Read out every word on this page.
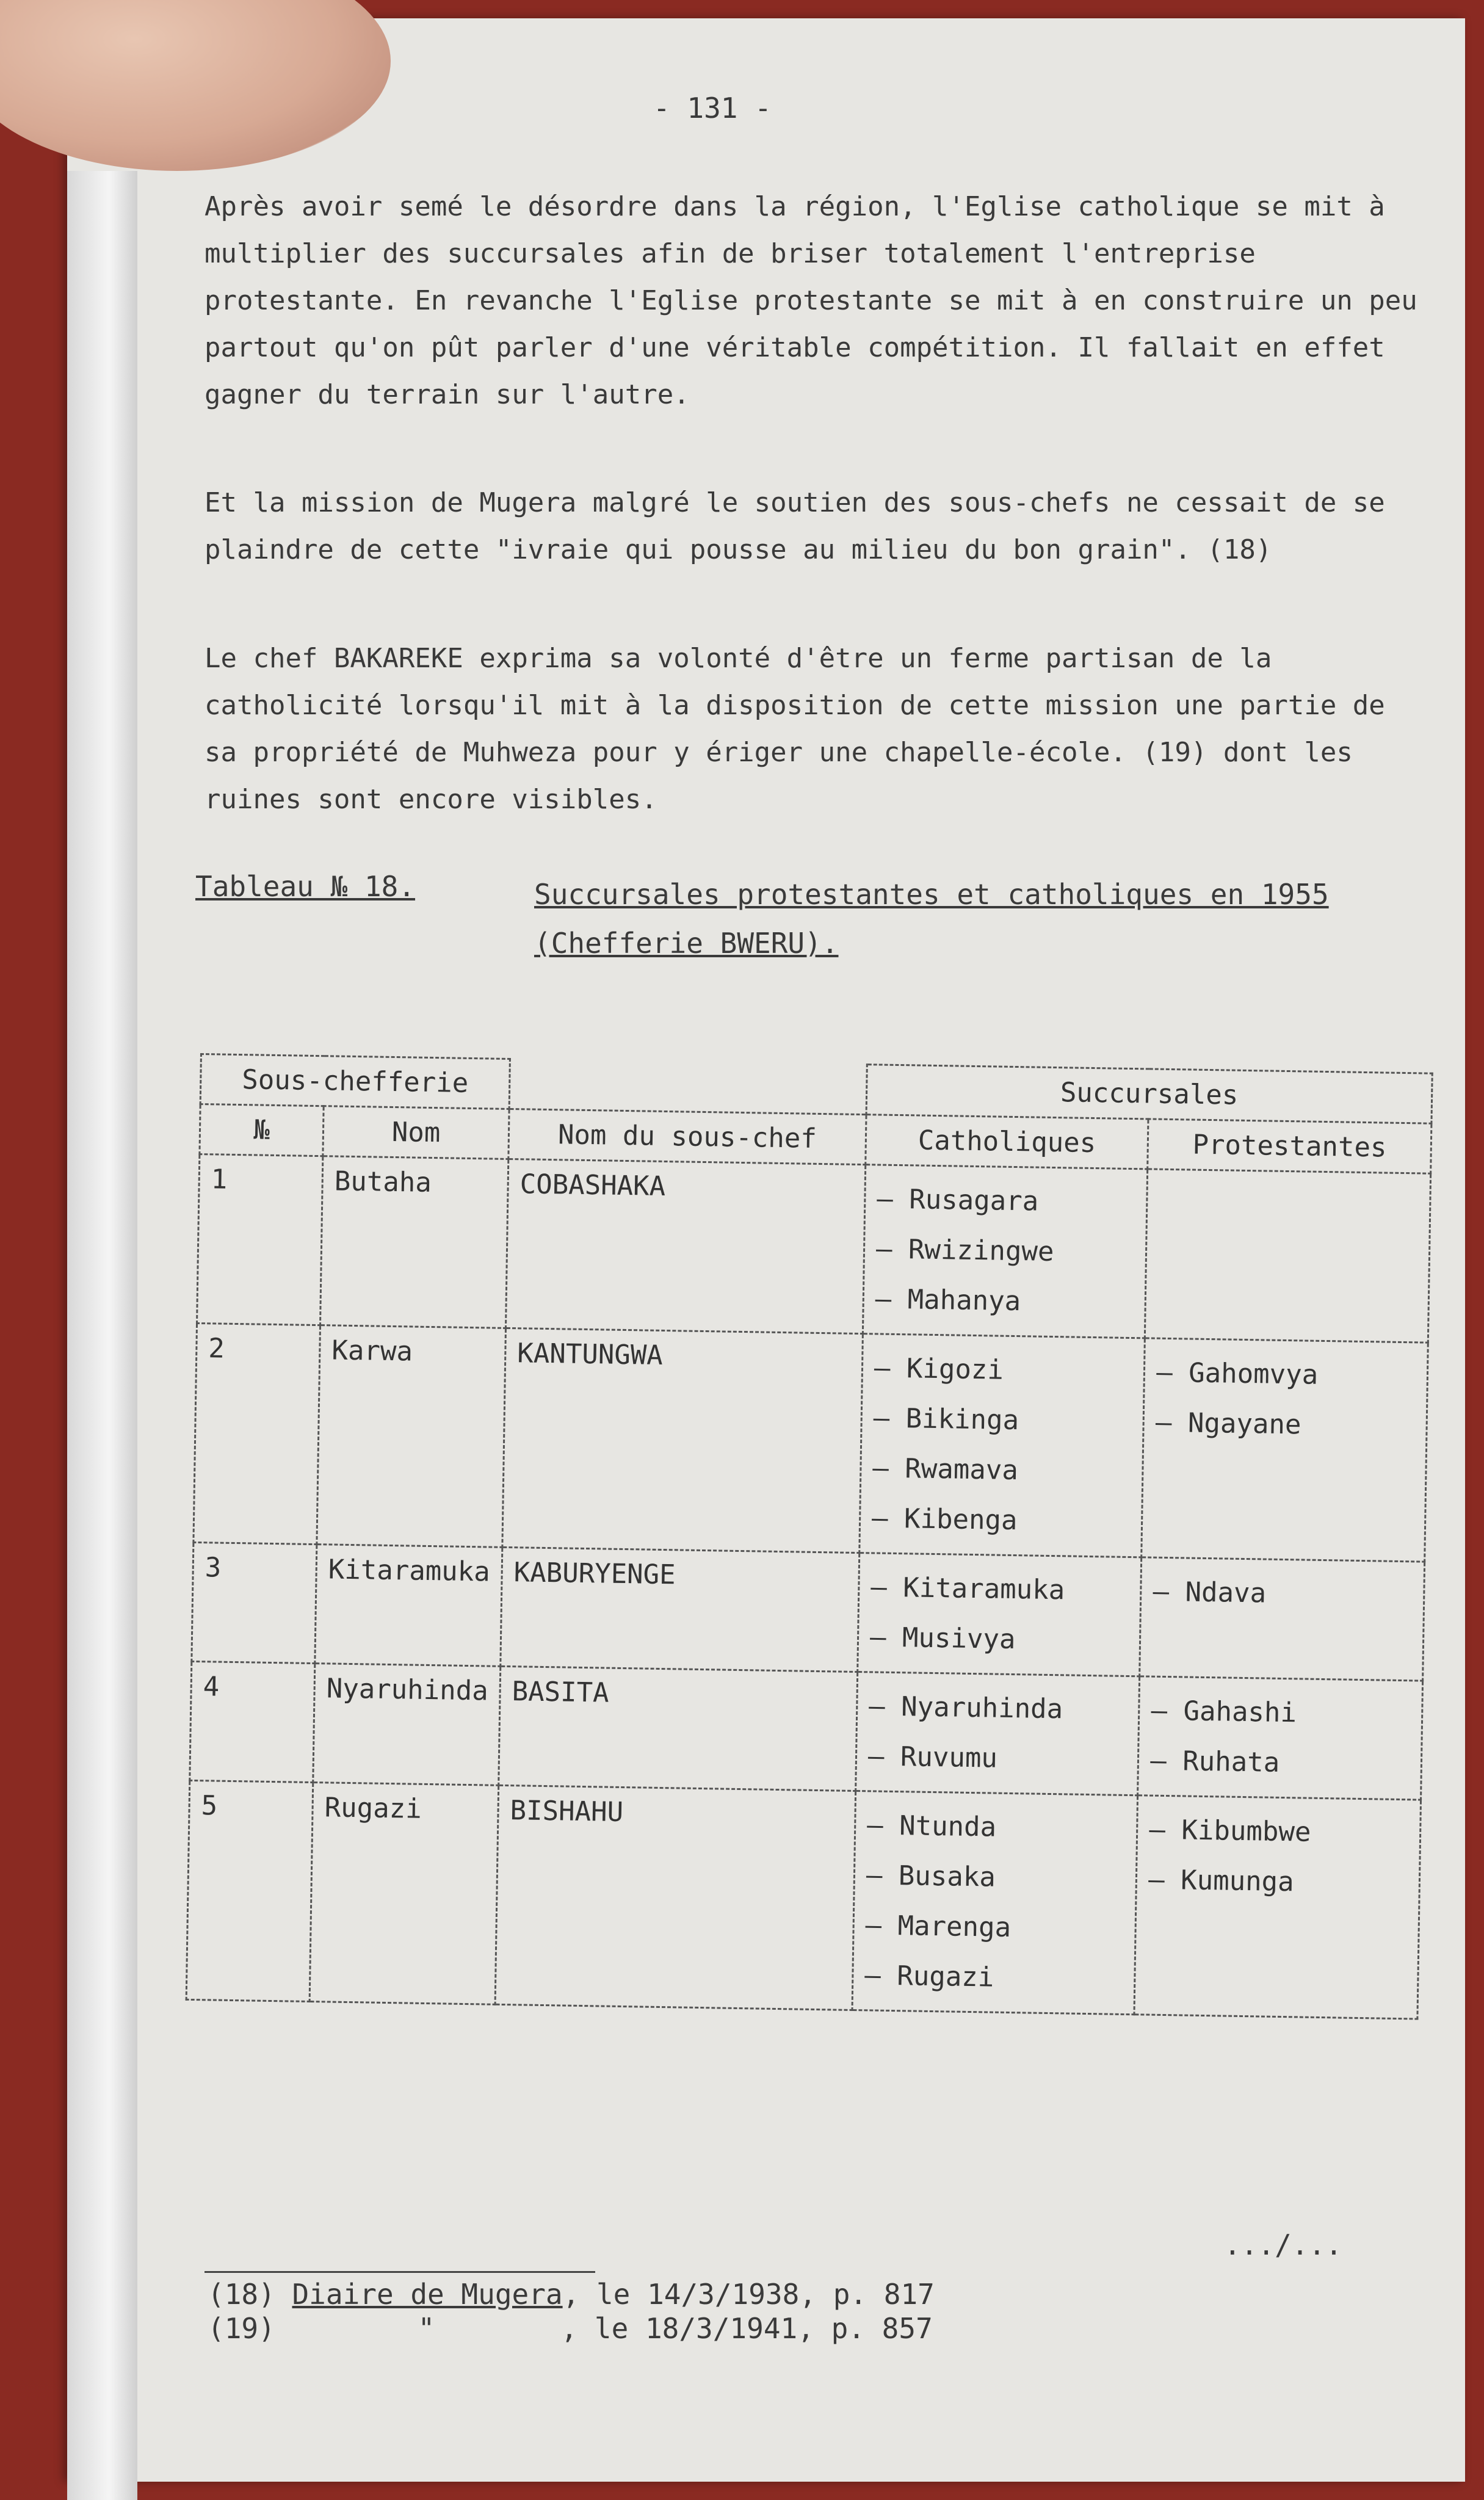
- 131 -

Après avoir semé le désordre dans la région, l'Eglise catholique se mit à multiplier des succursales afin de briser totalement l'entreprise protestante. En revanche l'Eglise protestante se mit à en construire un peu partout qu'on pût parler d'une véritable compétition. Il fallait en effet gagner du terrain sur l'autre.

Et la mission de Mugera malgré le soutien des sous-chefs ne cessait de se plaindre de cette "ivraie qui pousse au milieu du bon grain". (18)

Le chef BAKAREKE exprima sa volonté d'être un ferme partisan de la catholicité lorsqu'il mit à la disposition de cette mission une partie de sa propriété de Muhweza pour y ériger une chapelle-école. (19) dont les ruines sont encore visibles.

Tableau № 18.	Succursales protestantes et catholiques en 1955 (Chefferie BWERU).
Sous-chefferie			Succursales	
№	Nom	Nom du sous-chef	Catholiques	Protestantes
1	Butaha	COBASHAKA	– Rusagara
– Rwizingwe
– Mahanya

2	Karwa	KANTUNGWA	– Kigozi
– Bikinga
– Rwamava
– Kibenga	– Gahomvya
– Ngayane

3	Kitaramuka	KABURYENGE	– Kitaramuka
– Musivya	– Ndava

4	Nyaruhinda	BASITA	– Nyaruhinda
– Ruvumu	– Gahashi
– Ruhata

5	Rugazi	BISHAHU	– Ntunda
– Busaka
– Marenga
– Rugazi	– Kibumbwe
– Kumunga
.../...
(18) Diaire de Mugera, le 14/3/1938, p. 817
(19)	"	, le 18/3/1941, p. 857
